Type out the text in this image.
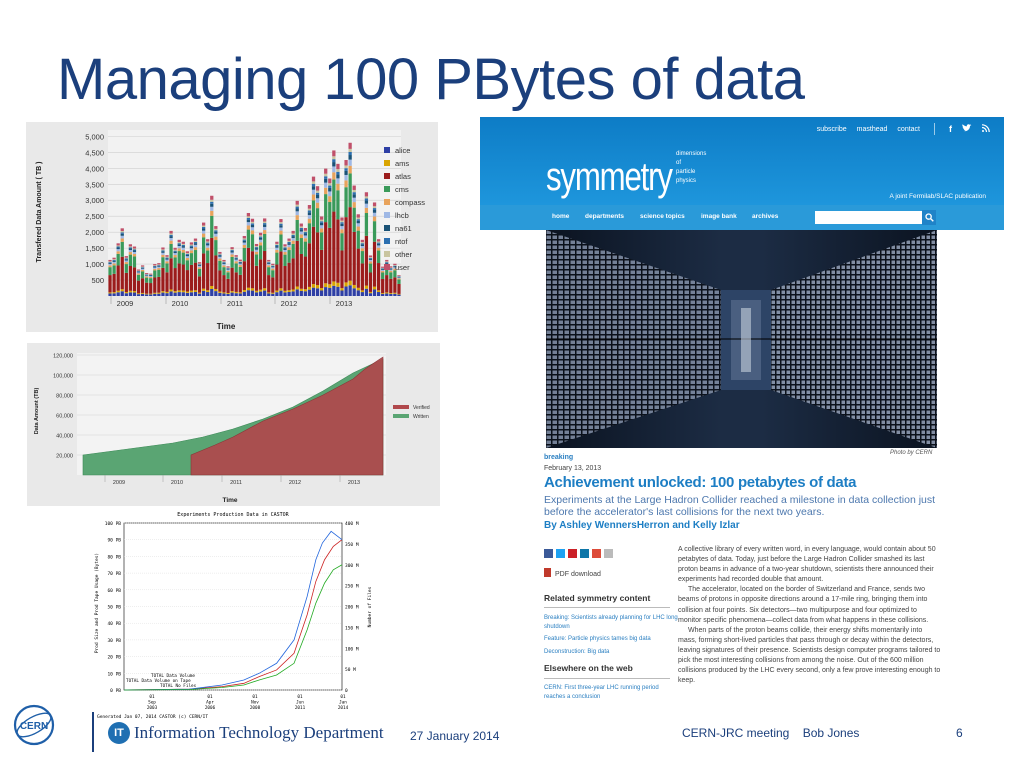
Managing 100 PBytes of data
5,000
4,500
4,000
3,500
3,000
2,500
2,000
1,500
1,000
500
2009	2010	2011	2012	2013
Time
Transfered Data Amount ( TB )
alice
ams
atlas
cms
compass
lhcb
na61
ntof
other
user
120,000
100,000
80,000
60,000
40,000
20,000
2009	2010	2011	2012	2013
Time
Data Amount (TB)	Verified
Written
Experiments Production Data in CASTOR
100 PB
90 PB
80 PB
70 PB
60 PB
50 PB
40 PB
30 PB
20 PB
10 PB
0 PB
400 M
350 M
300 M
250 M
200 M
150 M
100 M
50 M
0
01
Sep
2003
01
Apr
2006
01
Nov
2008
01
Jun
2011
01
Jan
2014
Prod Size and Prod Tape Usage (Bytes)	Number of Files
TOTAL Data Volume
TOTAL Data Volume on Tape
TOTAL No Files
Generated Jan 07, 2014 CASTOR (c) CERN/IT
subscribe masthead contact	f
symmetry
dimensions
of
particle
physics
A joint Fermilab/SLAC publication
home departments science topics image bank archives
Photo by CERN
breaking
February 13, 2013
Achievement unlocked: 100 petabytes of data
Experiments at the Large Hadron Collider reached a milestone in data collection just before the accelerator's last collisions for the next two years.
By Ashley WennersHerron and Kelly Izlar
PDF download
Related symmetry content
Breaking: Scientists already planning for LHC long shutdown
Feature: Particle physics tames big data
Deconstruction: Big data
Elsewhere on the web
CERN: First three-year LHC running period reaches a conclusion

A collective library of every written word, in every language, would contain about 50 petabytes of data. Today, just before the Large Hadron Collider smashed its last proton beams in advance of a two-year shutdown, scientists there announced their experiments had recorded double that amount.

The accelerator, located on the border of Switzerland and France, sends two beams of protons in opposite directions around a 17-mile ring, bringing them into collision at four points. Six detectors—two multipurpose and four optimized to monitor specific phenomena—collect data from what happens in these collisions.

When parts of the proton beams collide, their energy shifts momentarily into mass, forming short-lived particles that pass through or decay within the detectors, leaving signatures of their presence. Scientists design computer programs tailored to pick the most interesting collisions from among the noise. Out of the 600 million collisions produced by the LHC every second, only a few prove interesting enough to keep.

CERN
IT Information Technology Department 27 January 2014	CERN-JRC meeting    Bob Jones	6
